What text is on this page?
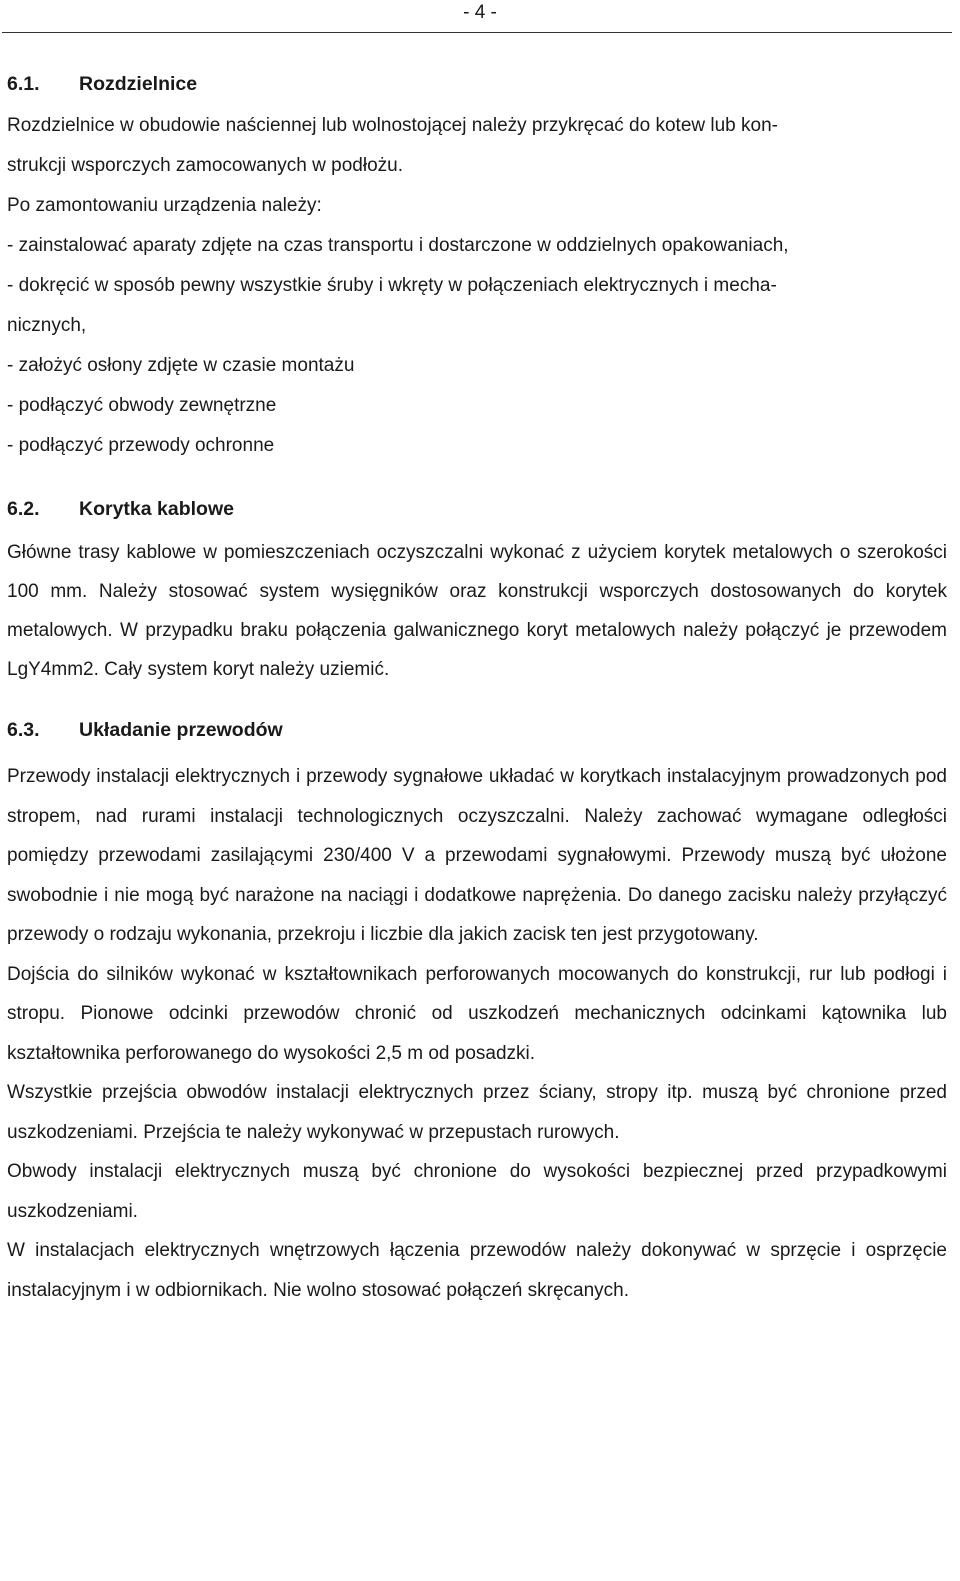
- 4 -
6.1. Rozdzielnice

Rozdzielnice w obudowie naściennej lub wolnostojącej należy przykręcać do kotew lub kon-

strukcji wsporczych zamocowanych w podłożu.

Po zamontowaniu urządzenia należy:

- zainstalować aparaty zdjęte na czas transportu i dostarczone w oddzielnych opakowaniach,

- dokręcić w sposób pewny wszystkie śruby i wkręty w połączeniach elektrycznych i mecha-

nicznych,

- założyć osłony zdjęte w czasie montażu

- podłączyć obwody zewnętrzne

- podłączyć przewody ochronne

6.2. Korytka kablowe

Główne trasy kablowe w pomieszczeniach oczyszczalni wykonać z użyciem korytek metalowych o szerokości 100 mm. Należy stosować system wysięgników oraz konstrukcji wsporczych dostosowanych do korytek metalowych. W przypadku braku połączenia galwanicznego koryt metalowych należy połączyć je przewodem LgY4mm2. Cały system koryt należy uziemić.

6.3. Układanie przewodów

Przewody instalacji elektrycznych i przewody sygnałowe układać w korytkach instalacyjnym prowadzonych pod stropem, nad rurami instalacji technologicznych oczyszczalni. Należy zachować wymagane odległości pomiędzy przewodami zasilającymi 230/400 V a przewodami sygnałowymi. Przewody muszą być ułożone swobodnie i nie mogą być narażone na naciągi i dodatkowe naprężenia. Do danego zacisku należy przyłączyć przewody o rodzaju wykonania, przekroju i liczbie dla jakich zacisk ten jest przygotowany.

Dojścia do silników wykonać w kształtownikach perforowanych mocowanych do konstrukcji, rur lub podłogi i stropu. Pionowe odcinki przewodów chronić od uszkodzeń mechanicznych odcinkami kątownika lub kształtownika perforowanego do wysokości 2,5 m od posadzki.

Wszystkie przejścia obwodów instalacji elektrycznych przez ściany, stropy itp. muszą być chronione przed uszkodzeniami. Przejścia te należy wykonywać w przepustach rurowych.

Obwody instalacji elektrycznych muszą być chronione do wysokości bezpiecznej przed przypadkowymi uszkodzeniami.

W instalacjach elektrycznych wnętrzowych łączenia przewodów należy dokonywać w sprzęcie i osprzęcie instalacyjnym i w odbiornikach. Nie wolno stosować połączeń skręcanych.
